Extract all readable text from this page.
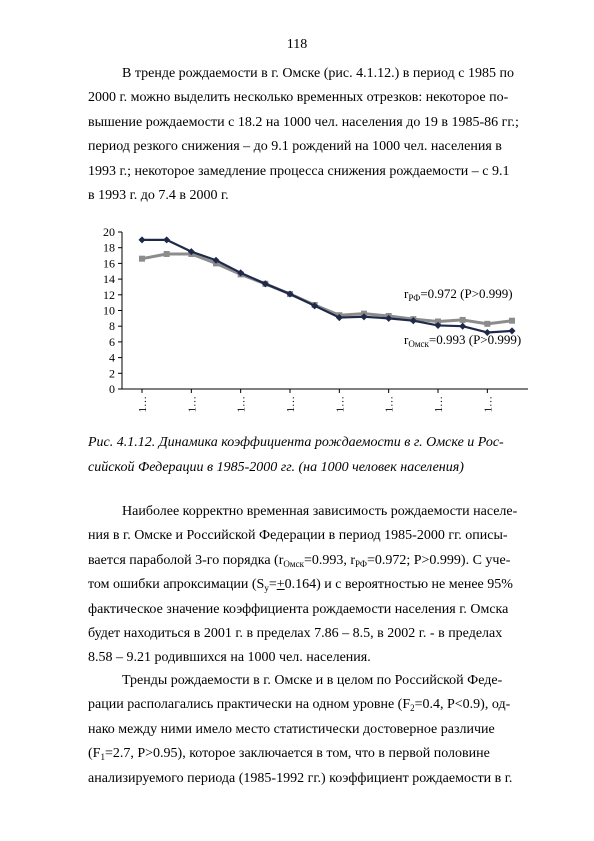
118

В тренде рождаемости в г. Омске (рис. 4.1.12.) в период с 1985 по
2000 г. можно выделить несколько временных отрезков: некоторое по-
вышение рождаемости с 18.2 на 1000 чел. населения до 19 в 1985-86 гг.;
период резкого снижения – до 9.1 рождений на 1000 чел. населения в
1993 г.; некоторое замедление процесса снижения рождаемости – с 9.1
в 1993 г. до 7.4 в 2000 г.

0
2
4
6
8
10
12
14
16
18
20
1…	1…	1…	1…	1…	1…	1…	1…
$r_{РФ}=0.972$ (P>0.999)
$r_{Омск}=0.993$ (P>0.999)
Рис. 4.1.12. Динамика коэффициента рождаемости в г. Омске и Рос-
сийской Федерации в 1985-2000 гг. (на 1000 человек населения)

Наиболее корректно временная зависимость рождаемости населе-
ния в г. Омске и Российской Федерации в период 1985-2000 гг. описы-
вается параболой 3-го порядка ($r_{Омск}=0.993$, $r_{РФ}=0.972$; P>0.999). С уче-
том ошибки апроксимации $(S_y=+0.164)$ и с вероятностью не менее 95%
фактическое значение коэффициента рождаемости населения г. Омска
будет находиться в 2001 г. в пределах 7.86 – 8.5, в 2002 г. - в пределах
8.58 – 9.21 родившихся на 1000 чел. населения.

Тренды рождаемости в г. Омске и в целом по Российской Феде-
рации располагались практически на одном уровне ($F_2=0.4$, P<0.9), од-
нако между ними имело место статистически достоверное различие
($F_1=2.7$, P>0.95), которое заключается в том, что в первой половине
анализируемого периода (1985-1992 гг.) коэффициент рождаемости в г.
